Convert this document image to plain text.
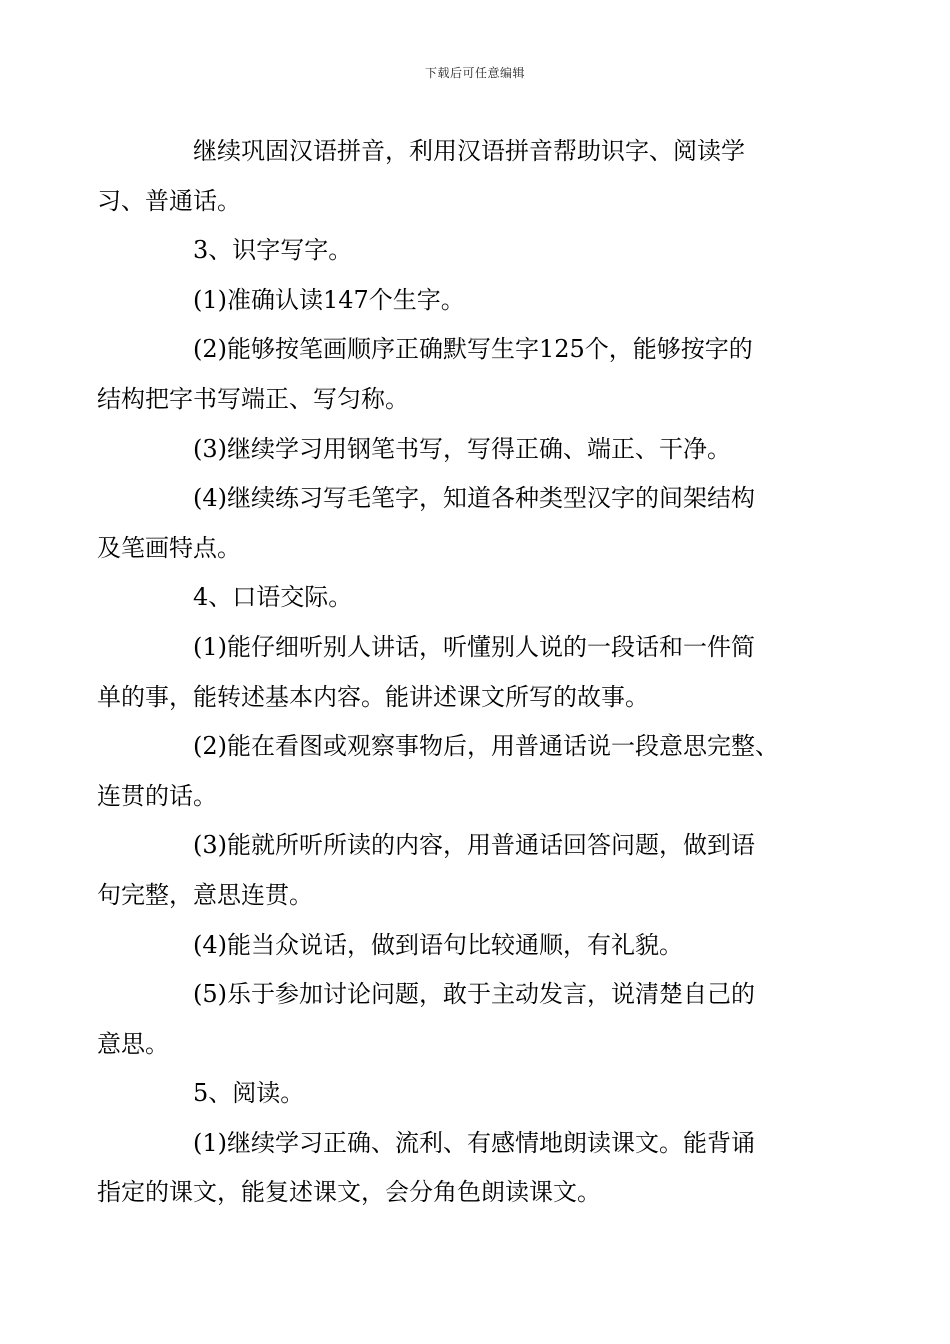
下载后可任意编辑

继续巩固汉语拼音，利用汉语拼音帮助识字、阅读学
习、普通话。

3、识字写字。

(1)准确认读147个生字。

(2)能够按笔画顺序正确默写生字125个，能够按字的
结构把字书写端正、写匀称。

(3)继续学习用钢笔书写，写得正确、端正、干净。

(4)继续练习写毛笔字，知道各种类型汉字的间架结构
及笔画特点。

4、口语交际。

(1)能仔细听别人讲话，听懂别人说的一段话和一件简
单的事，能转述基本内容。能讲述课文所写的故事。

(2)能在看图或观察事物后，用普通话说一段意思完整、
连贯的话。

(3)能就所听所读的内容，用普通话回答问题，做到语
句完整，意思连贯。

(4)能当众说话，做到语句比较通顺，有礼貌。

(5)乐于参加讨论问题，敢于主动发言，说清楚自己的
意思。

5、阅读。

(1)继续学习正确、流利、有感情地朗读课文。能背诵
指定的课文，能复述课文，会分角色朗读课文。
